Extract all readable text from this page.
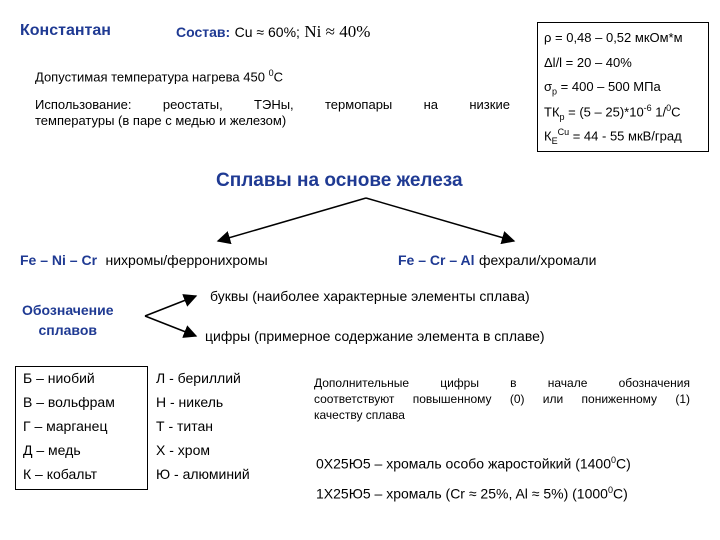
Константан	Состав: Cu ≈ 60%; Ni ≈ 40%
Допустимая температура нагрева 450 $^0$С
Использование: реостаты, ТЭНы, термопары на низкие
температуры (в паре с медью и железом)
ρ = 0,48 – 0,52 мкОм*м
Δl/l = 20 – 40%
$\sigma_р = 400 - 500$ МПа
$ТК_р = (5 - 25)*10^{-6}$ 1/$^0$С
$К_E^{Cu} = 44 - 55$ мкВ/град
Сплавы на основе железа
Fe – Ni – Cr нихромы/ферронихромы	Fe – Cr – Al фехрали/хромали
Обозначение
сплавов
буквы (наиболее характерные элементы сплава)
цифры (примерное содержание элемента в сплаве)
Б – ниобий
В – вольфрам
Г – марганец
Д – медь
К – кобальт
Л - бериллий
Н - никель
Т - титан
Х - хром
Ю - алюминий
Дополнительные	цифры	в	начале	обозначения
соответствуют повышенному (0) или пониженному (1)
качеству сплава
0Х25Ю5 – хромаль особо жаростойкий (1400$^0$С)
1Х25Ю5 – хромаль (Cr ≈ 25%, Al ≈ 5%) (1000$^0$С)
